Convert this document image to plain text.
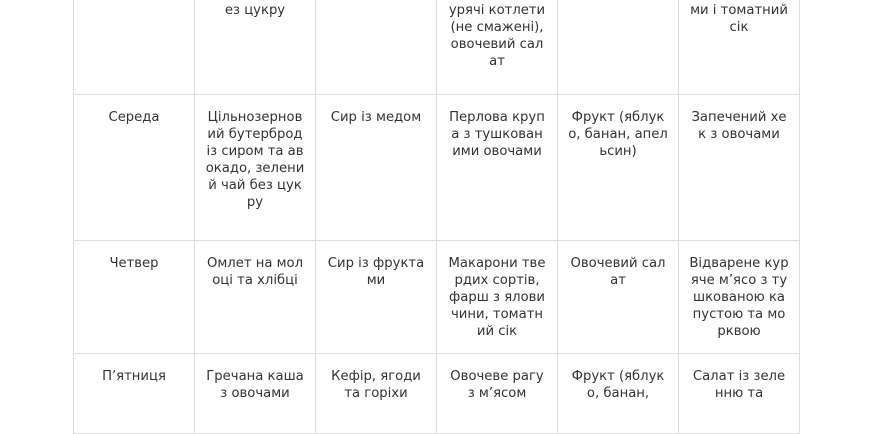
	ез цукру		урячі котлети (не смажені), овочевий салат		ми і томатний сік
Середа	Цільнозерновий бутерброд із сиром та авокадо, зелений чай без цукру	Сир із медом	Перлова крупа з тушкованими овочами	Фрукт (яблуко, банан, апельсин)	Запечений хек з овочами
Четвер	Омлет на молоці та хлібці	Сир із фруктами	Макарони твердих сортів, фарш з яловичини, томатний сік	Овочевий салат	Відварене куряче м’ясо з тушкованою капустою та морквою
П’ятниця	Гречана каша з овочами	Кефір, ягоди та горіхи	Овочеве рагу з м’ясом	Фрукт (яблуко, банан,	Салат із зеленню та
